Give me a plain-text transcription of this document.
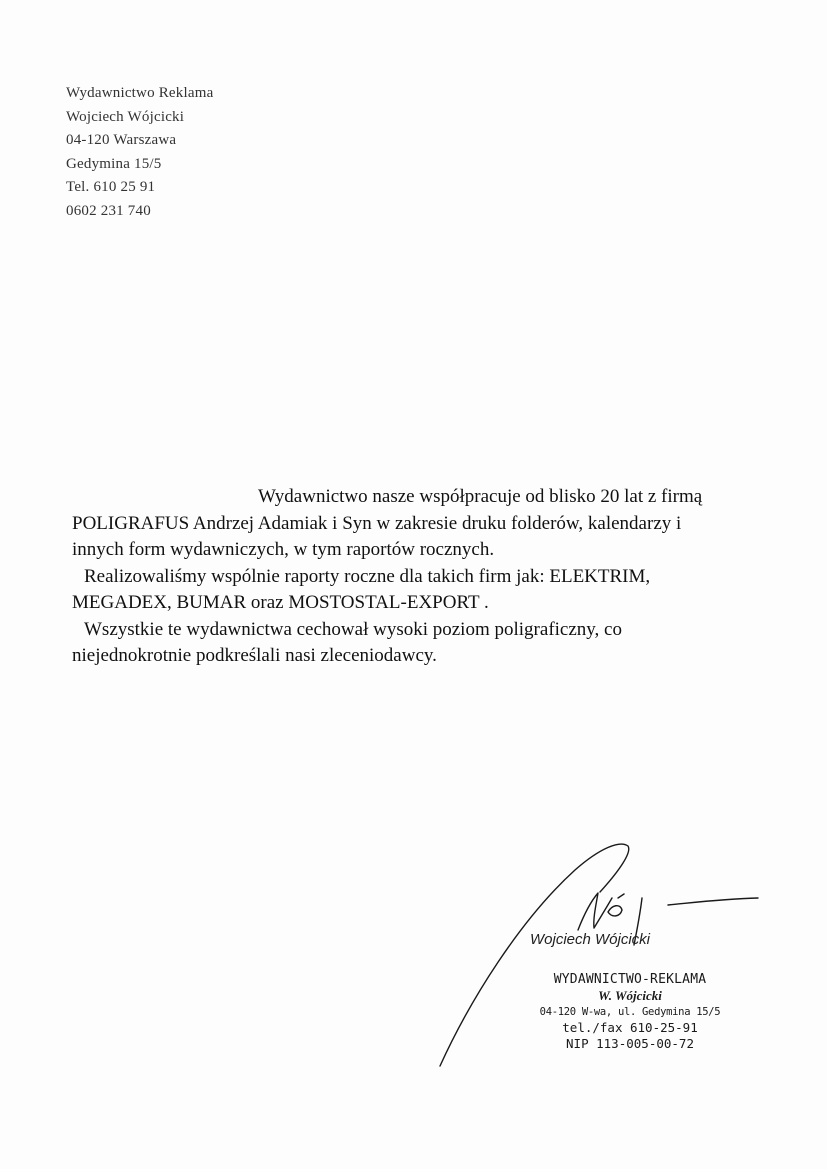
Wydawnictwo Reklama
Wojciech Wójcicki
04-120 Warszawa
Gedymina 15/5
Tel. 610 25 91
0602 231 740

Wydawnictwo nasze współpracuje od blisko 20 lat z firmą

POLIGRAFUS Andrzej Adamiak i Syn w zakresie druku folderów, kalendarzy i

innych form wydawniczych, w tym raportów rocznych.

Realizowaliśmy wspólnie raporty roczne dla takich firm jak: ELEKTRIM,

MEGADEX, BUMAR oraz MOSTOSTAL-EXPORT .

Wszystkie te wydawnictwa cechował wysoki poziom poligraficzny, co

niejednokrotnie podkreślali nasi zleceniodawcy.

Wojciech Wójcicki
WYDAWNICTWO-REKLAMA
W. Wójcicki
04-120 W-wa, ul. Gedymina 15/5
tel./fax 610-25-91
NIP 113-005-00-72
